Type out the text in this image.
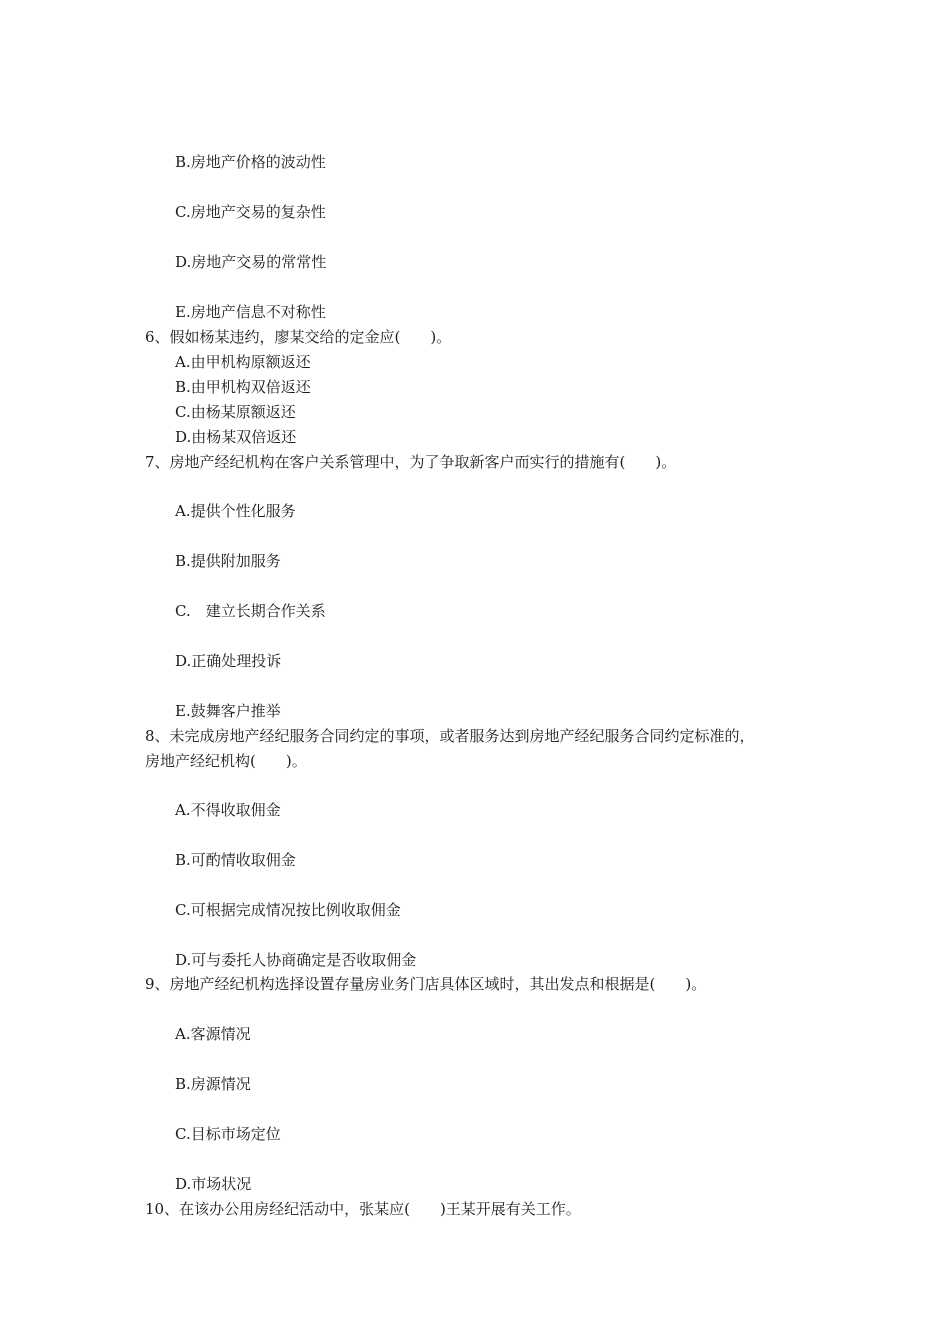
B.房地产价格的波动性
C.房地产交易的复杂性
D.房地产交易的常常性
E.房地产信息不对称性
6、假如杨某违约，廖某交给的定金应(　　)。
A.由甲机构原额返还
B.由甲机构双倍返还
C.由杨某原额返还
D.由杨某双倍返还
7、房地产经纪机构在客户关系管理中，为了争取新客户而实行的措施有(　　)。
A.提供个性化服务
B.提供附加服务
C.　建立长期合作关系
D.正确处理投诉
E.鼓舞客户推举
8、未完成房地产经纪服务合同约定的事项，或者服务达到房地产经纪服务合同约定标准的，
房地产经纪机构(　　)。
A.不得收取佣金
B.可酌情收取佣金
C.可根据完成情况按比例收取佣金
D.可与委托人协商确定是否收取佣金
9、房地产经纪机构选择设置存量房业务门店具体区域时，其出发点和根据是(　　)。
A.客源情况
B.房源情况
C.目标市场定位
D.市场状况
10、在该办公用房经纪活动中，张某应(　　)王某开展有关工作。
